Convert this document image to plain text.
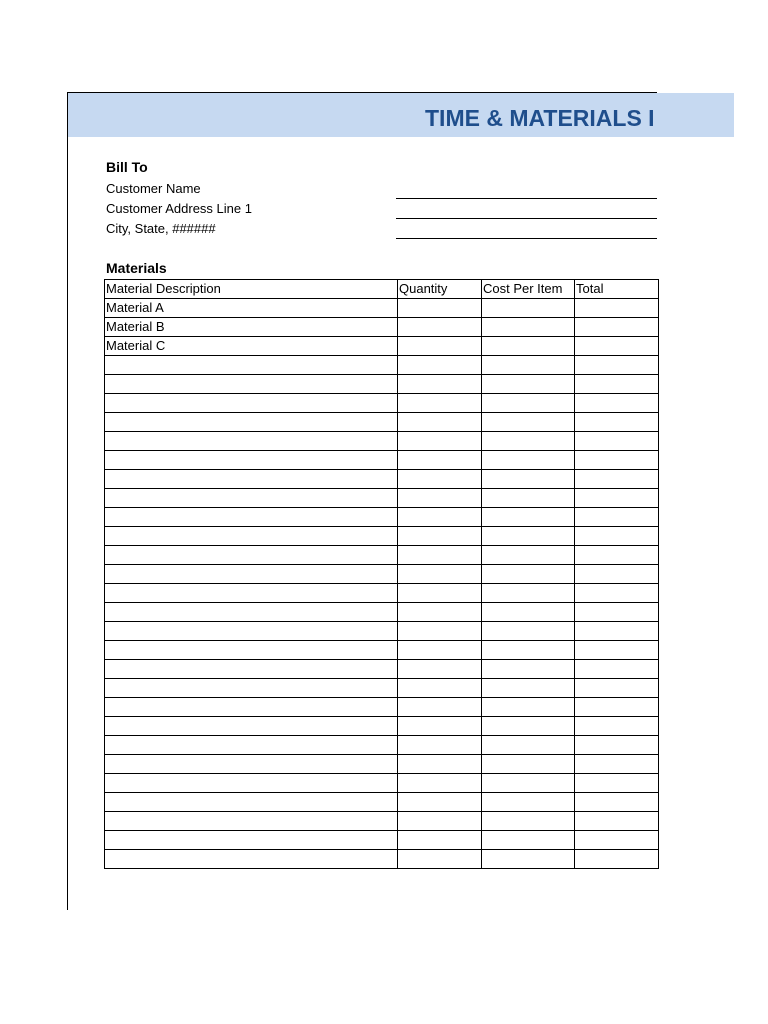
TIME & MATERIALS I
Bill To
Customer Name
Customer Address Line 1
City, State, ######
Materials
Material Description	Quantity	Cost Per Item	Total
Material A			
Material B			
Material C			
